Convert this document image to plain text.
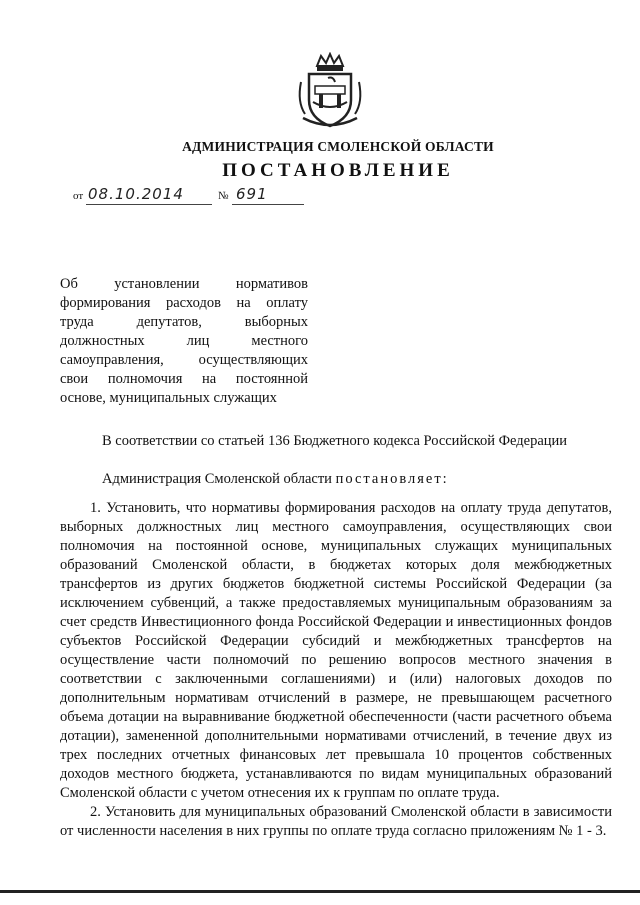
АДМИНИСТРАЦИЯ СМОЛЕНСКОЙ ОБЛАСТИ
ПОСТАНОВЛЕНИЕ
от 08.10.2014	№ 691
Об установлении нормативов
формирования расходов на оплату
труда депутатов, выборных
должностных лиц местного
самоуправления, осуществляющих
свои полномочия на постоянной
основе, муниципальных служащих
В соответствии со статьей 136 Бюджетного кодекса Российской Федерации
Администрация Смоленской области постановляет:

1. Установить, что нормативы формирования расходов на оплату труда депутатов, выборных должностных лиц местного самоуправления, осуществляющих свои полномочия на постоянной основе, муниципальных служащих муниципальных образований Смоленской области, в бюджетах которых доля межбюджетных трансфертов из других бюджетов бюджетной системы Российской Федерации (за исключением субвенций, а также предоставляемых муниципальным образованиям за счет средств Инвестиционного фонда Российской Федерации и инвестиционных фондов субъектов Российской Федерации субсидий и межбюджетных трансфертов на осуществление части полномочий по решению вопросов местного значения в соответствии с заключенными соглашениями) и (или) налоговых доходов по дополнительным нормативам отчислений в размере, не превышающем расчетного объема дотации на выравнивание бюджетной обеспеченности (части расчетного объема дотации), замененной дополнительными нормативами отчислений, в течение двух из трех последних отчетных финансовых лет превышала 10 процентов собственных доходов местного бюджета, устанавливаются по видам муниципальных образований Смоленской области с учетом отнесения их к группам по оплате труда.

2. Установить для муниципальных образований Смоленской области в зависимости от численности населения в них группы по оплате труда согласно приложениям № 1 - 3.
